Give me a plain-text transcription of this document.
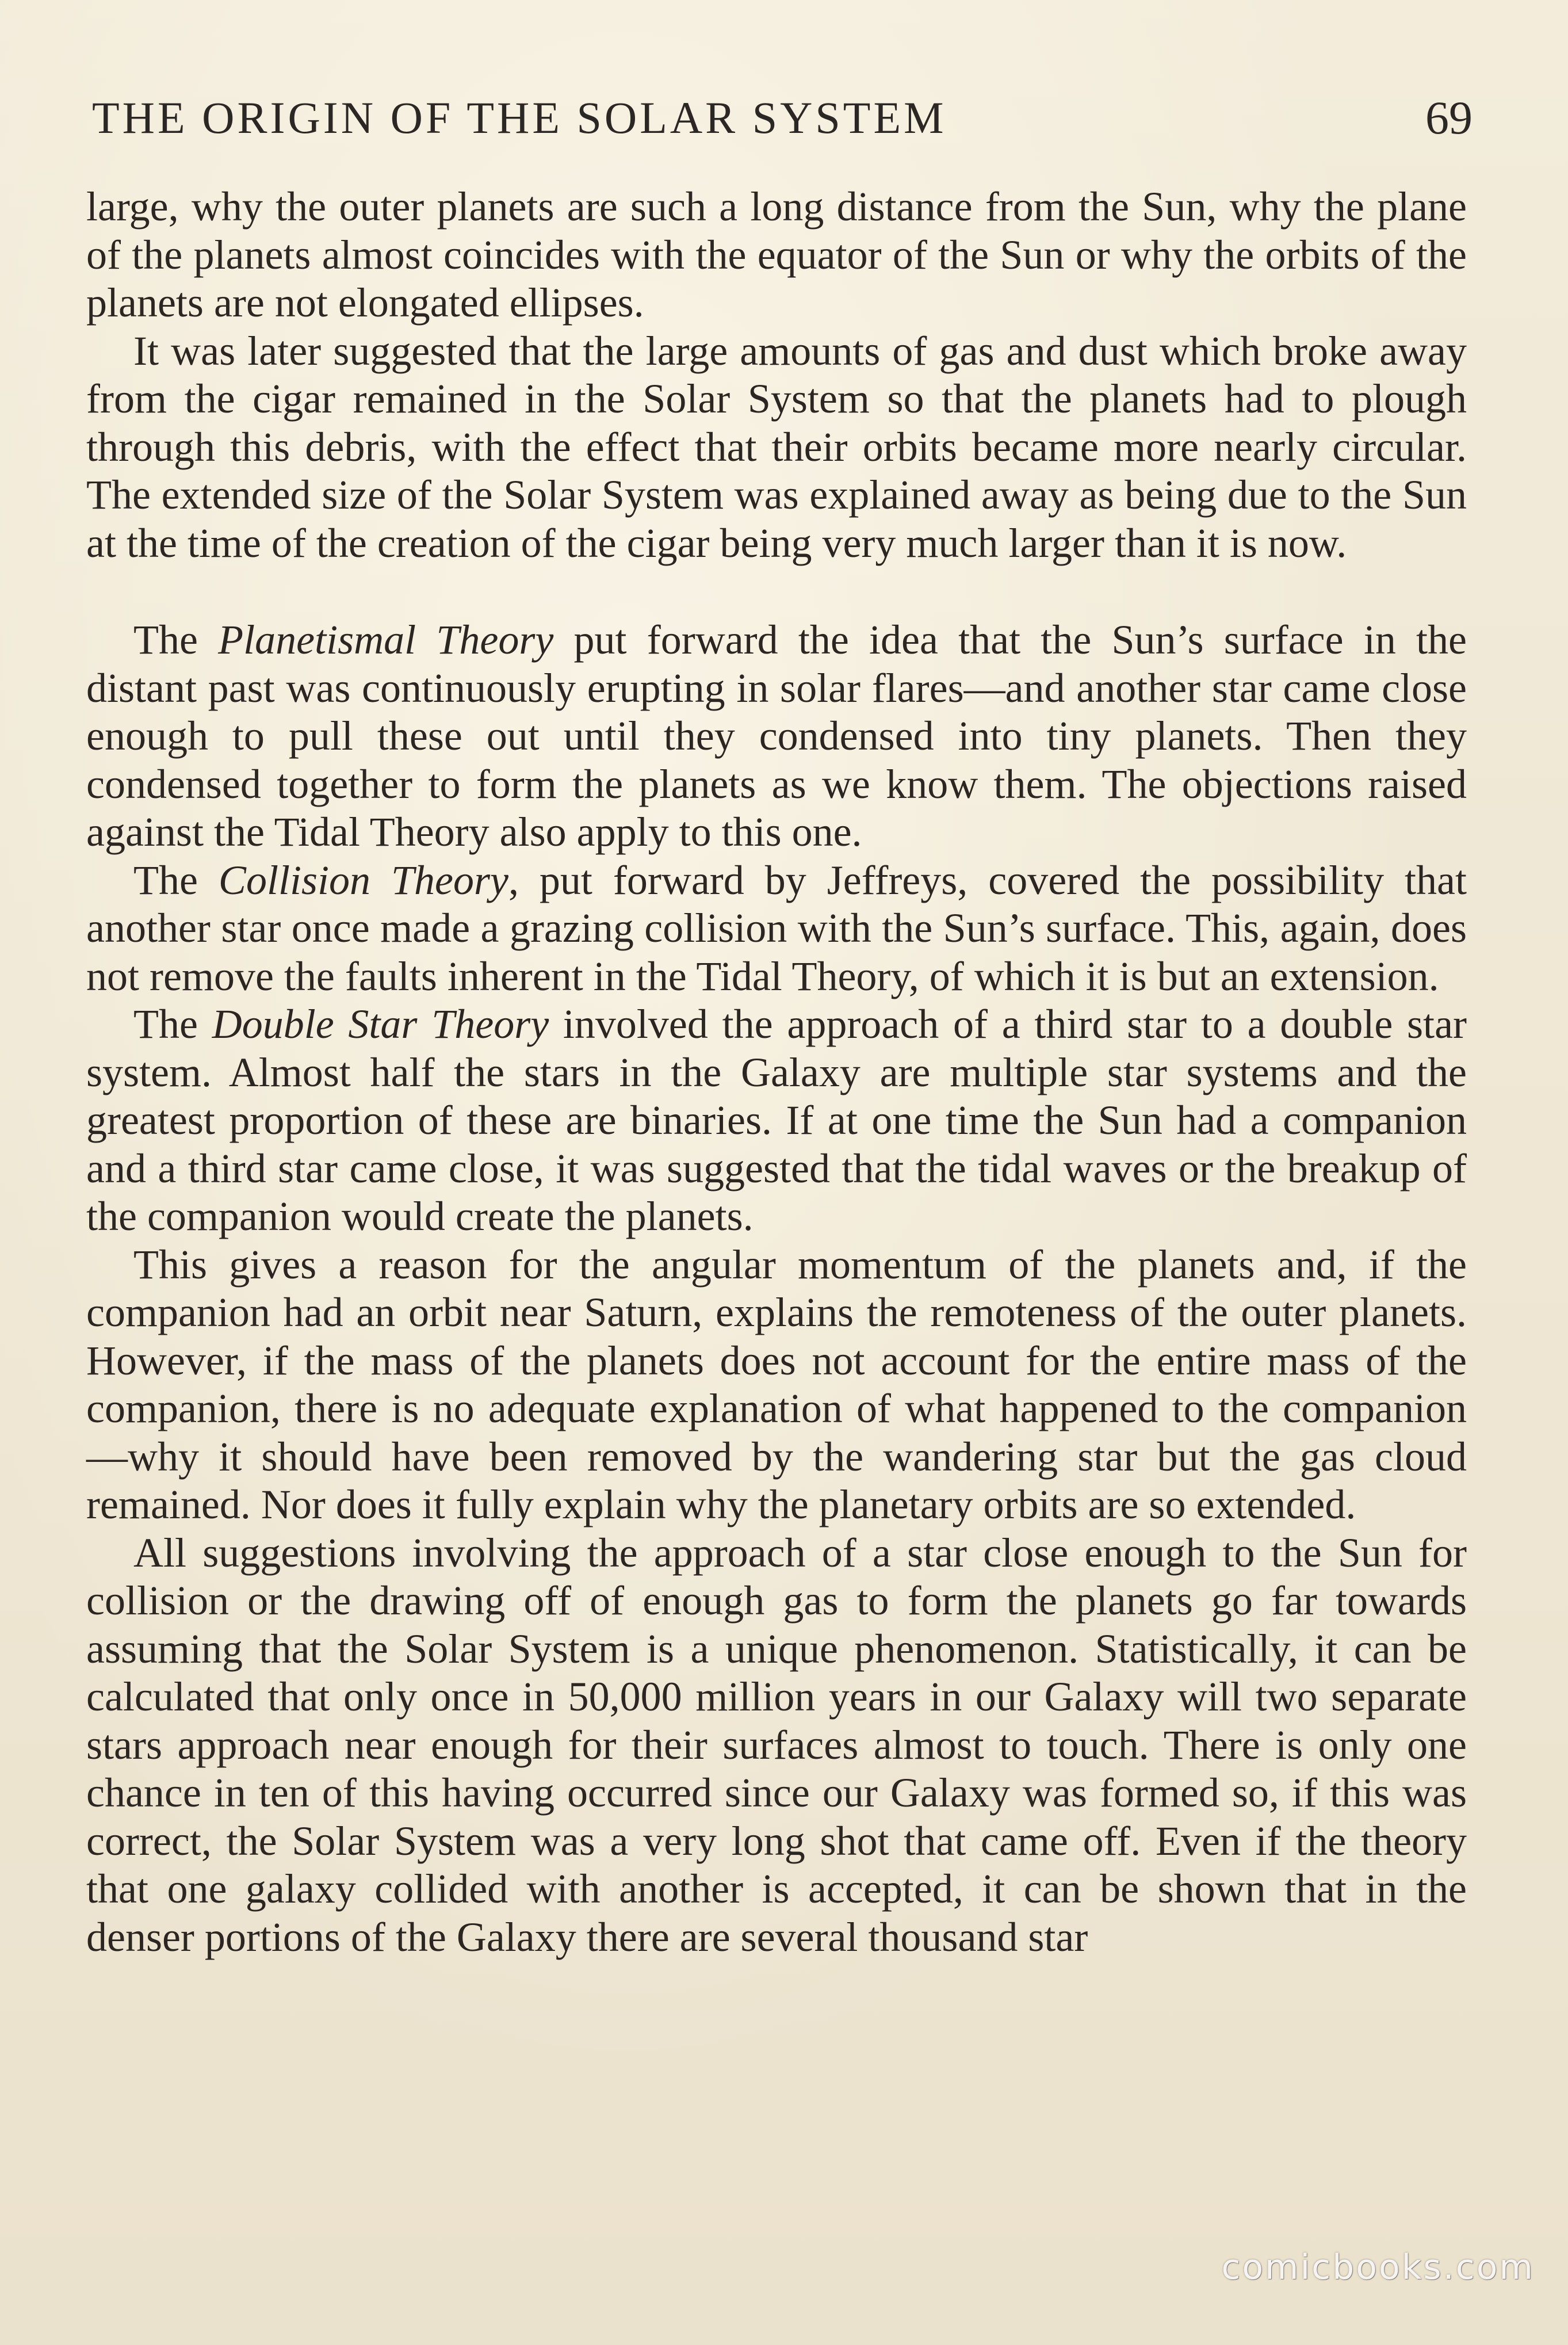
THE ORIGIN OF THE SOLAR SYSTEM	69

large, why the outer planets are such a long distance from the Sun, why the plane of the planets almost coincides with the equator of the Sun or why the orbits of the planets are not elongated ellipses.

It was later suggested that the large amounts of gas and dust which broke away from the cigar remained in the Solar System so that the planets had to plough through this debris, with the effect that their orbits became more nearly circular. The extended size of the Solar System was explained away as being due to the Sun at the time of the creation of the cigar being very much larger than it is now.

The Planetismal Theory put forward the idea that the Sun’s surface in the distant past was continuously erupting in solar flares—and another star came close enough to pull these out until they condensed into tiny planets. Then they condensed together to form the planets as we know them. The objections raised against the Tidal Theory also apply to this one.

The Collision Theory, put forward by Jeffreys, covered the possibility that another star once made a grazing collision with the Sun’s surface. This, again, does not remove the faults inherent in the Tidal Theory, of which it is but an extension.

The Double Star Theory involved the approach of a third star to a double star system. Almost half the stars in the Galaxy are multiple star systems and the greatest proportion of these are binaries. If at one time the Sun had a companion and a third star came close, it was suggested that the tidal waves or the breakup of the companion would create the planets.

This gives a reason for the angular momentum of the planets and, if the companion had an orbit near Saturn, explains the remoteness of the outer planets. However, if the mass of the planets does not account for the entire mass of the companion, there is no adequate explanation of what happened to the companion—why it should have been removed by the wandering star but the gas cloud remained. Nor does it fully explain why the planetary orbits are so extended.

All suggestions involving the approach of a star close enough to the Sun for collision or the drawing off of enough gas to form the planets go far towards assuming that the Solar System is a unique phenomenon. Statistically, it can be calculated that only once in 50,000 million years in our Galaxy will two separate stars approach near enough for their surfaces almost to touch. There is only one chance in ten of this having occurred since our Galaxy was formed so, if this was correct, the Solar System was a very long shot that came off. Even if the theory that one galaxy collided with another is accepted, it can be shown that in the denser portions of the Galaxy there are several thousand star

comicbooks.com
